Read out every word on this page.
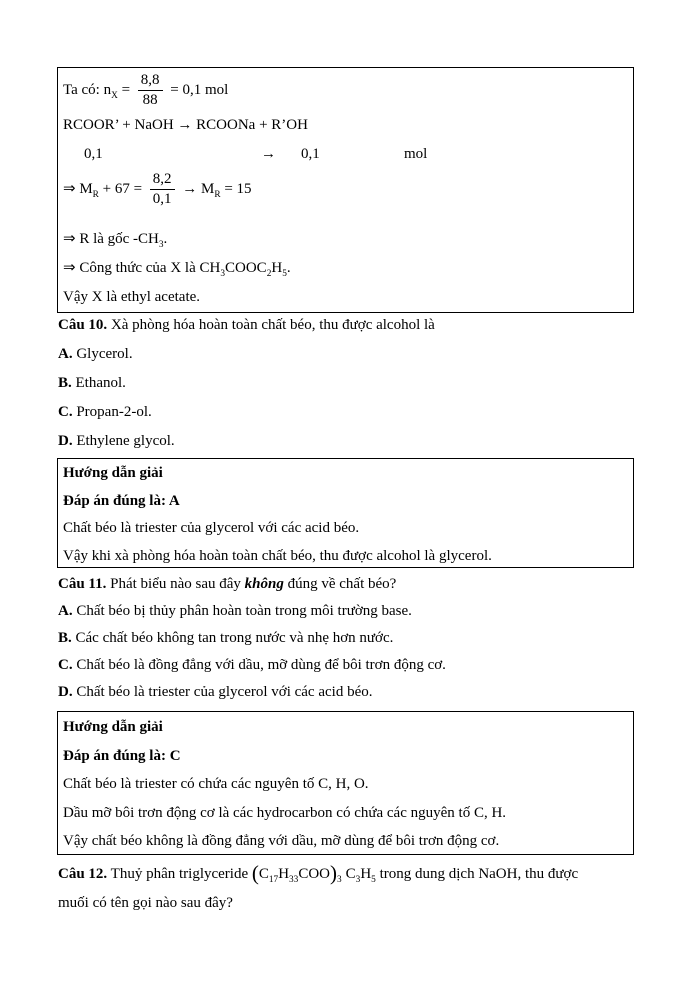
Ta có: $n_X = \frac{8,8}{88} = 0,1$ mol
RCOOR’ + NaOH → RCOONa + R’OH
0,1	→ 0,1	mol
⇒ $M_R + 67 = \frac{8,2}{0,1} \to M_R = 15$
⇒ R là gốc $-CH_3$.
⇒ Công thức của X là $CH_3COOC_2H_5$.
Vậy X là ethyl acetate.
Câu 10. Xà phòng hóa hoàn toàn chất béo, thu được alcohol là
A. Glycerol.
B. Ethanol.
C. Propan-2-ol.
D. Ethylene glycol.
Hướng dẫn giải
Đáp án đúng là: A
Chất béo là triester của glycerol với các acid béo.
Vậy khi xà phòng hóa hoàn toàn chất béo, thu được alcohol là glycerol.
Câu 11. Phát biểu nào sau đây không đúng về chất béo?
A. Chất béo bị thủy phân hoàn toàn trong môi trường base.
B. Các chất béo không tan trong nước và nhẹ hơn nước.
C. Chất béo là đồng đẳng với dầu, mỡ dùng để bôi trơn động cơ.
D. Chất béo là triester của glycerol với các acid béo.
Hướng dẫn giải
Đáp án đúng là: C
Chất béo là triester có chứa các nguyên tố C, H, O.
Dầu mỡ bôi trơn động cơ là các hydrocarbon có chứa các nguyên tố C, H.
Vậy chất béo không là đồng đẳng với dầu, mỡ dùng để bôi trơn động cơ.
Câu 12. Thuỷ phân triglyceride $(C_{17}H_{33}COO)_3$ $C_3H_5$ trong dung dịch NaOH, thu được
muối có tên gọi nào sau đây?
